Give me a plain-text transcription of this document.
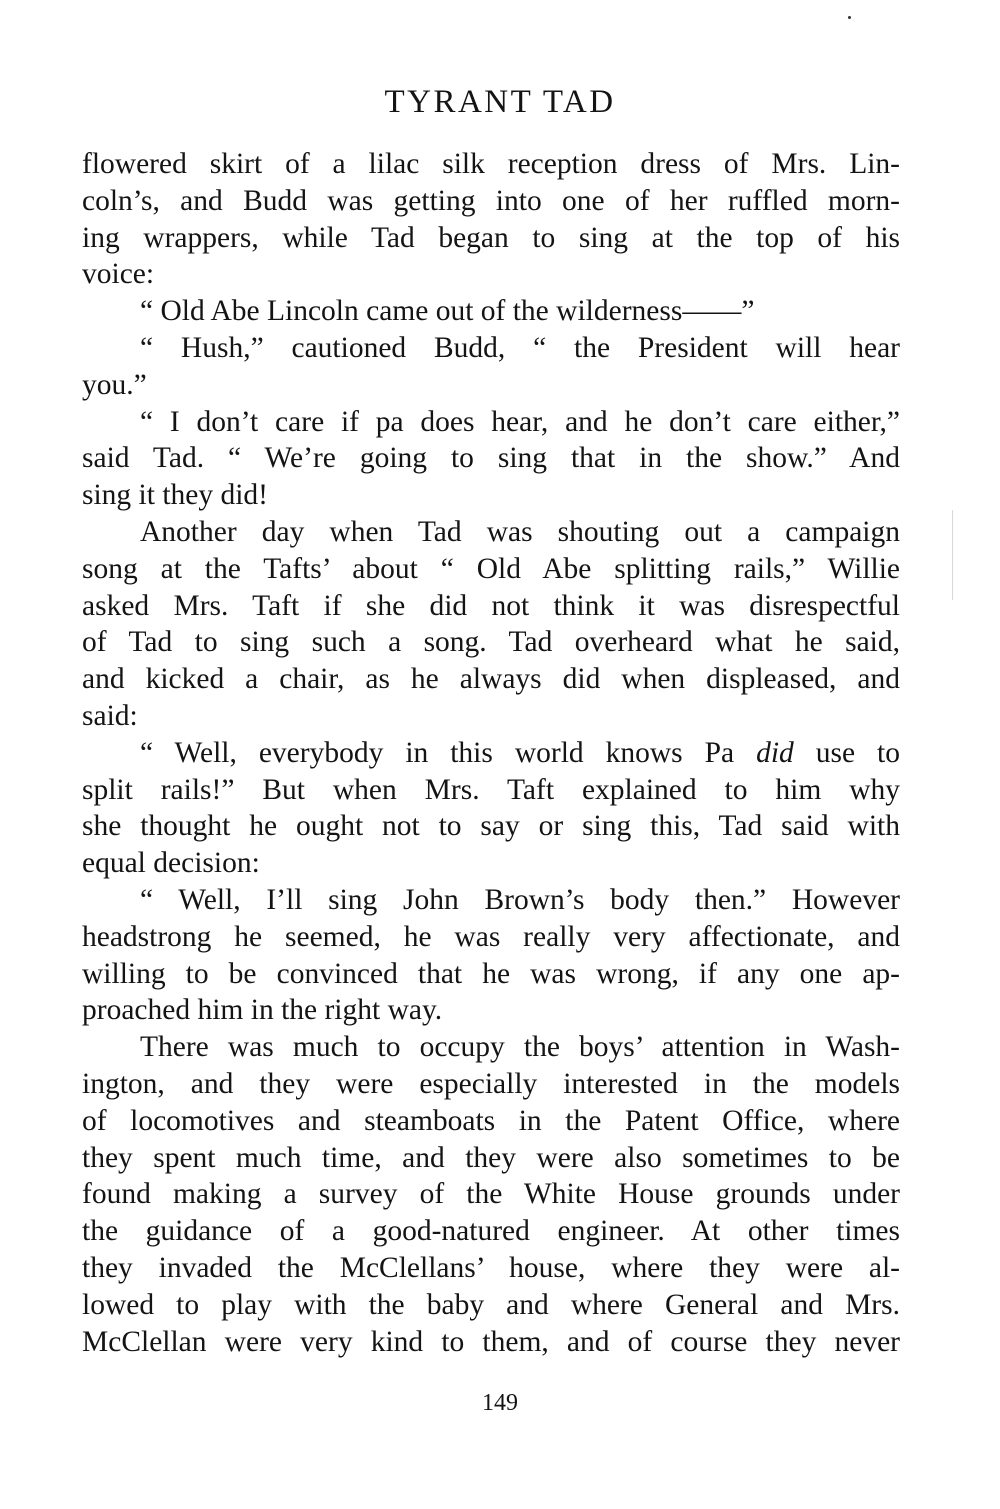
TYRANT TAD
flowered skirt of a lilac silk reception dress of Mrs. Lin-
coln’s, and Budd was getting into one of her ruffled morn-
ing wrappers, while Tad began to sing at the top of his
voice:
“ Old Abe Lincoln came out of the wilderness——”
“ Hush,” cautioned Budd, “ the President will hear
you.”
“ I don’t care if pa does hear, and he don’t care either,”
said Tad. “ We’re going to sing that in the show.” And
sing it they did!
Another day when Tad was shouting out a campaign
song at the Tafts’ about “ Old Abe splitting rails,” Willie
asked Mrs. Taft if she did not think it was disrespectful
of Tad to sing such a song. Tad overheard what he said,
and kicked a chair, as he always did when displeased, and
said:
“ Well, everybody in this world knows Pa did use to
split rails!” But when Mrs. Taft explained to him why
she thought he ought not to say or sing this, Tad said with
equal decision:
“ Well, I’ll sing John Brown’s body then.” However
headstrong he seemed, he was really very affectionate, and
willing to be convinced that he was wrong, if any one ap-
proached him in the right way.
There was much to occupy the boys’ attention in Wash-
ington, and they were especially interested in the models
of locomotives and steamboats in the Patent Office, where
they spent much time, and they were also sometimes to be
found making a survey of the White House grounds under
the guidance of a good-natured engineer. At other times
they invaded the McClellans’ house, where they were al-
lowed to play with the baby and where General and Mrs.
McClellan were very kind to them, and of course they never
149
